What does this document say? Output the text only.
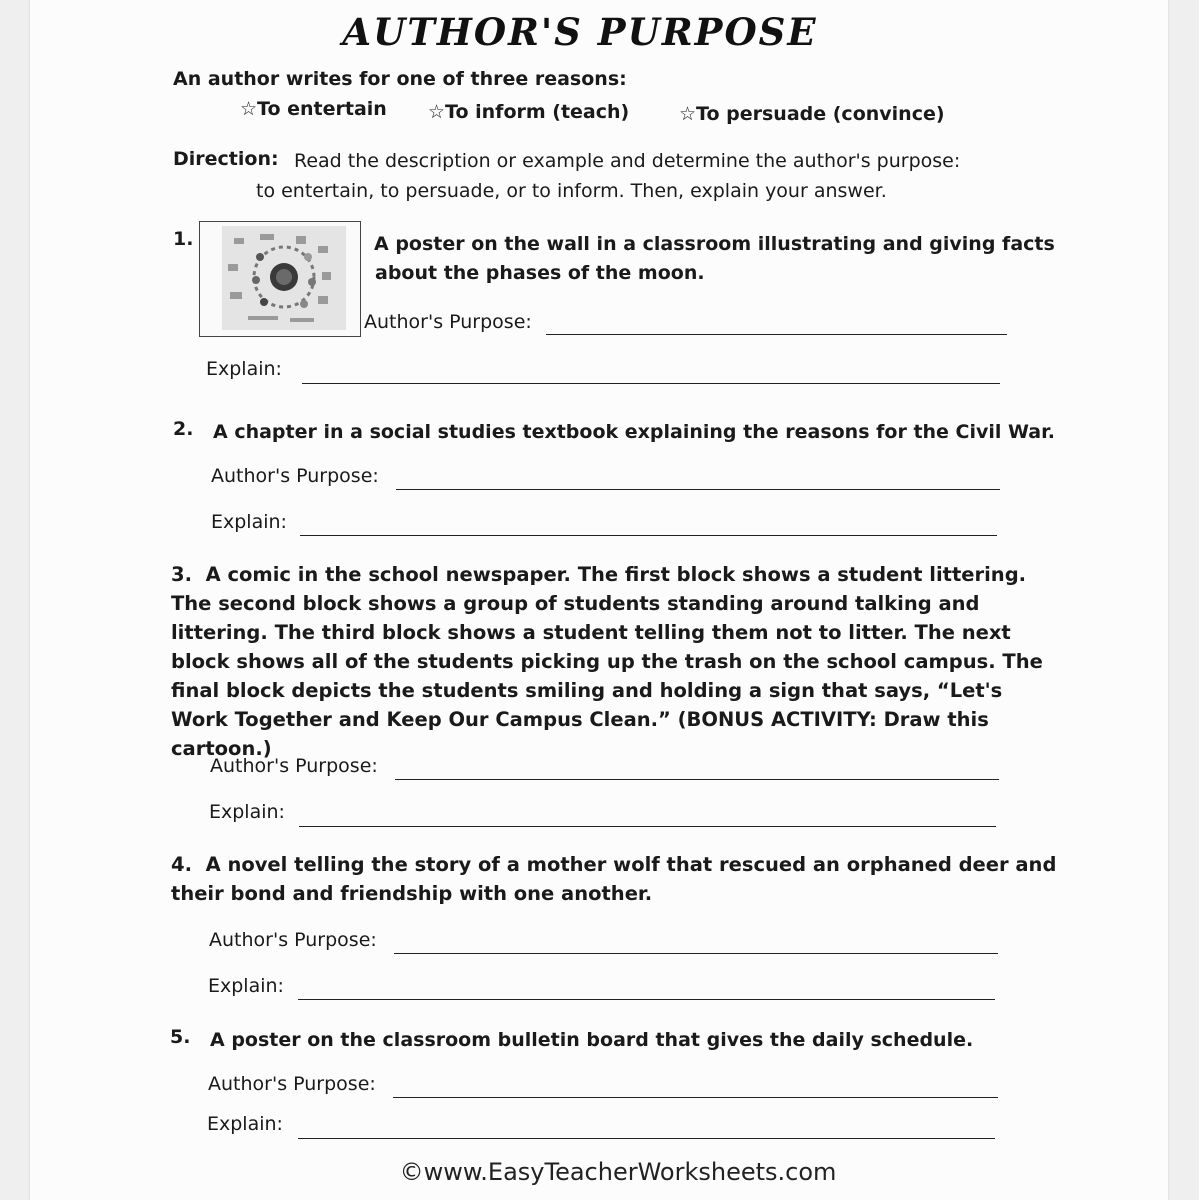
AUTHOR'S PURPOSE
An author writes for one of three reasons:
☆To entertain ☆To inform (teach)	☆To persuade (convince)
Direction: Read the description or example and determine the author's purpose:
to entertain, to persuade, or to inform. Then, explain your answer.
1.	A poster on the wall in a classroom illustrating and giving facts
about the phases of the moon.
Author's Purpose:
Explain:
2. A chapter in a social studies textbook explaining the reasons for the Civil War.
Author's Purpose:
Explain:
3. A comic in the school newspaper. The first block shows a student littering. The second block shows a group of students standing around talking and littering. The third block shows a student telling them not to litter. The next block shows all of the students picking up the trash on the school campus. The final block depicts the students smiling and holding a sign that says, “Let's Work Together and Keep Our Campus Clean.” (BONUS ACTIVITY: Draw this cartoon.)
Author's Purpose:
Explain:
4. A novel telling the story of a mother wolf that rescued an orphaned deer and their bond and friendship with one another.
Author's Purpose:
Explain:
5. A poster on the classroom bulletin board that gives the daily schedule.
Author's Purpose:
Explain:
©www.EasyTeacherWorksheets.com
